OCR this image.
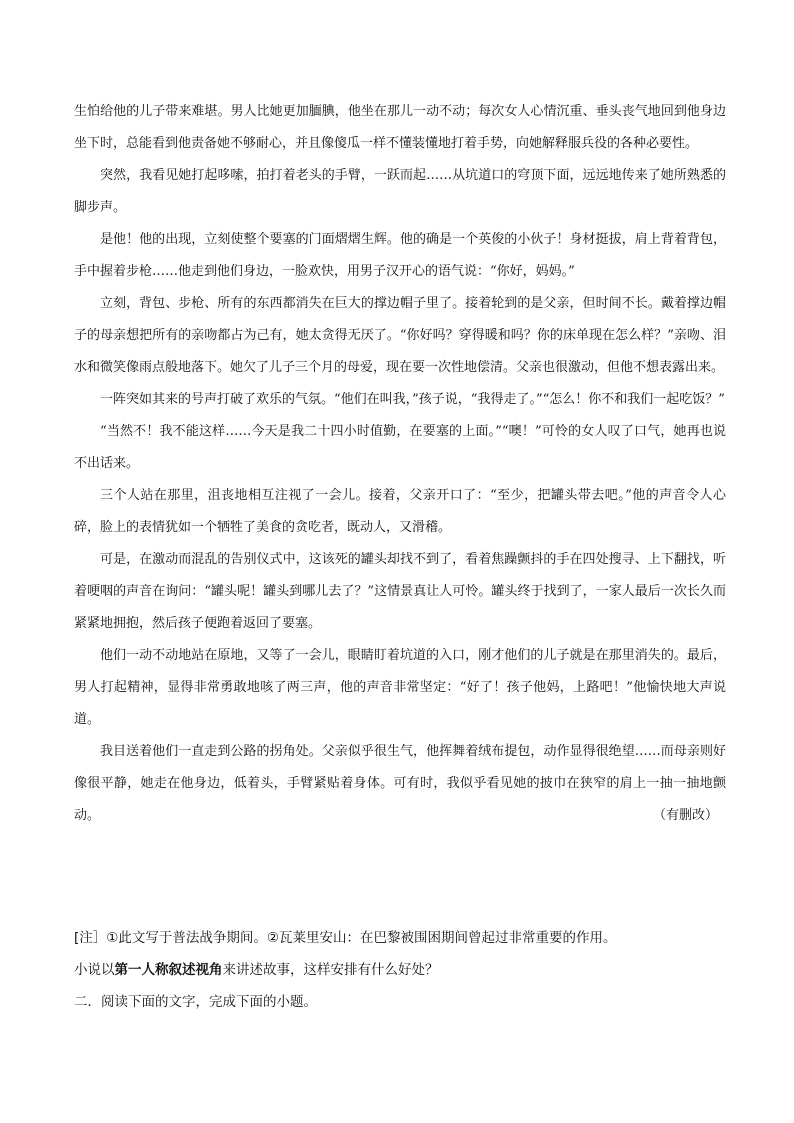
生怕给他的儿子带来难堪。男人比她更加腼腆，他坐在那儿一动不动；每次女人心情沉重、垂头丧气地回到他身边坐下时，总能看到他责备她不够耐心，并且像傻瓜一样不懂装懂地打着手势，向她解释服兵役的各种必要性。

突然，我看见她打起哆嗦，拍打着老头的手臂，一跃而起……从坑道口的穹顶下面，远远地传来了她所熟悉的脚步声。

是他！他的出现，立刻使整个要塞的门面熠熠生辉。他的确是一个英俊的小伙子！身材挺拔，肩上背着背包，手中握着步枪……他走到他们身边，一脸欢快，用男子汉开心的语气说：“你好，妈妈。”

立刻，背包、步枪、所有的东西都消失在巨大的撑边帽子里了。接着轮到的是父亲，但时间不长。戴着撑边帽子的母亲想把所有的亲吻都占为己有，她太贪得无厌了。“你好吗？穿得暖和吗？你的床单现在怎么样？”亲吻、泪水和微笑像雨点般地落下。她欠了儿子三个月的母爱，现在要一次性地偿清。父亲也很激动，但他不想表露出来。

一阵突如其来的号声打破了欢乐的气氛。“他们在叫我，”孩子说，“我得走了。”“怎么！你不和我们一起吃饭？”

“当然不！我不能这样……今天是我二十四小时值勤，在要塞的上面。”“噢！”可怜的女人叹了口气，她再也说不出话来。

三个人站在那里，沮丧地相互注视了一会儿。接着，父亲开口了：“至少，把罐头带去吧。”他的声音令人心碎，脸上的表情犹如一个牺牲了美食的贪吃者，既动人，又滑稽。

可是，在激动而混乱的告别仪式中，这该死的罐头却找不到了，看着焦躁颤抖的手在四处搜寻、上下翻找，听着哽咽的声音在询问：“罐头呢！罐头到哪儿去了？”这情景真让人可怜。罐头终于找到了，一家人最后一次长久而紧紧地拥抱，然后孩子便跑着返回了要塞。

他们一动不动地站在原地，又等了一会儿，眼睛盯着坑道的入口，刚才他们的儿子就是在那里消失的。最后，男人打起精神，显得非常勇敢地咳了两三声，他的声音非常坚定：“好了！孩子他妈，上路吧！”他愉快地大声说道。

我目送着他们一直走到公路的拐角处。父亲似乎很生气，他挥舞着绒布提包，动作显得很绝望……而母亲则好像很平静，她走在他身边，低着头，手臂紧贴着身体。可有时，我似乎看见她的披巾在狭窄的肩上一抽一抽地颤动。	（有删改）

[注］①此文写于普法战争期间。②瓦莱里安山：在巴黎被围困期间曾起过非常重要的作用。

小说以第一人称叙述视角来讲述故事，这样安排有什么好处？

二．阅读下面的文字，完成下面的小题。
